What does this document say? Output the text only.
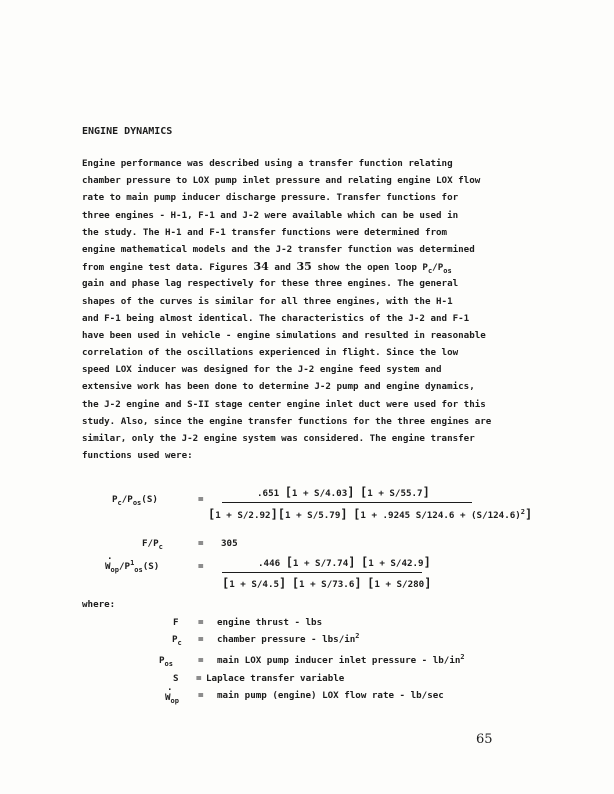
ENGINE DYNAMICS
Engine performance was described using a transfer function relating
chamber pressure to LOX pump inlet pressure and relating engine LOX flow
rate to main pump inducer discharge pressure. Transfer functions for
three engines - H-1, F-1 and J-2 were available which can be used in
the study. The H-1 and F-1 transfer functions were determined from
engine mathematical models and the J-2 transfer function was determined
from engine test data. Figures 34 and 35 show the open loop $P_c/P_{os}$
gain and phase lag respectively for these three engines. The general
shapes of the curves is similar for all three engines, with the H-1
and F-1 being almost identical. The characteristics of the J-2 and F-1
have been used in vehicle - engine simulations and resulted in reasonable
correlation of the oscillations experienced in flight. Since the low
speed LOX inducer was designed for the J-2 engine feed system and
extensive work has been done to determine J-2 pump and engine dynamics,
the J-2 engine and S-II stage center engine inlet duct were used for this
study. Also, since the engine transfer functions for the three engines are
similar, only the J-2 engine system was considered. The engine transfer
functions used were:
$P_c/P_{os}(S)$	=
.651 [1 + S/4.03] [1 + S/55.7]
[1 + S/2.92][1 + S/5.79] [1 + .9245 $S/124.6 + (S/124.6)^2$]
$F/P_c$	= 305
.
$W_{op}/P^1_{os}(S)$	=	.446 [1 + S/7.74] [1 + S/42.9]
[1 + S/4.5] [1 + S/73.6] [1 + S/280]
where:
F = engine thrust - lbs
$P_c$ = chamber pressure - lbs/$in^2$
$P_{os}$	= main LOX pump inducer inlet pressure - $lb/in^2$
S = Laplace transfer variable
.
$W_{op}$ = main pump (engine) LOX flow rate - lb/sec
65
